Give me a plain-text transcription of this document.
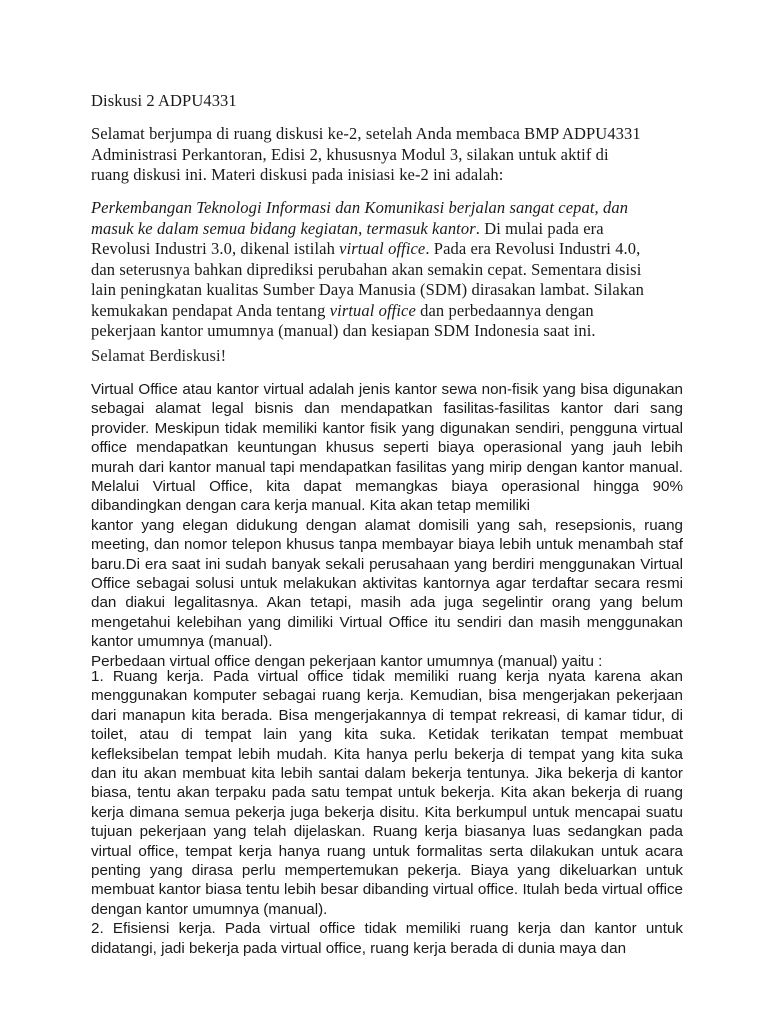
Diskusi 2 ADPU4331
Selamat berjumpa di ruang diskusi ke-2, setelah Anda membaca BMP ADPU4331
Administrasi Perkantoran, Edisi 2, khususnya Modul 3, silakan untuk aktif di
ruang diskusi ini. Materi diskusi pada inisiasi ke-2 ini adalah:
Perkembangan Teknologi Informasi dan Komunikasi berjalan sangat cepat, dan
masuk ke dalam semua bidang kegiatan, termasuk kantor. Di mulai pada era
Revolusi Industri 3.0, dikenal istilah virtual office. Pada era Revolusi Industri 4.0,
dan seterusnya bahkan diprediksi perubahan akan semakin cepat. Sementara disisi
lain peningkatan kualitas Sumber Daya Manusia (SDM) dirasakan lambat. Silakan
kemukakan pendapat Anda tentang virtual office dan perbedaannya dengan
pekerjaan kantor umumnya (manual) dan kesiapan SDM Indonesia saat ini.
Selamat Berdiskusi!

Virtual Office atau kantor virtual adalah jenis kantor sewa non-fisik yang bisa digunakan sebagai alamat legal bisnis dan mendapatkan fasilitas-fasilitas kantor dari sang provider. Meskipun tidak memiliki kantor fisik yang digunakan sendiri, pengguna virtual office mendapatkan keuntungan khusus seperti biaya operasional yang jauh lebih murah dari kantor manual tapi mendapatkan fasilitas yang mirip dengan kantor manual. Melalui Virtual Office, kita dapat memangkas biaya operasional hingga 90% dibandingkan dengan cara kerja manual. Kita akan tetap memiliki

kantor yang elegan didukung dengan alamat domisili yang sah, resepsionis, ruang meeting, dan nomor telepon khusus tanpa membayar biaya lebih untuk menambah staf baru.Di era saat ini sudah banyak sekali perusahaan yang berdiri menggunakan Virtual Office sebagai solusi untuk melakukan aktivitas kantornya agar terdaftar secara resmi dan diakui legalitasnya. Akan tetapi, masih ada juga segelintir orang yang belum mengetahui kelebihan yang dimiliki Virtual Office itu sendiri dan masih menggunakan kantor umumnya (manual).

Perbedaan virtual office dengan pekerjaan kantor umumnya (manual) yaitu :

1. Ruang kerja. Pada virtual office tidak memiliki ruang kerja nyata karena akan menggunakan komputer sebagai ruang kerja. Kemudian, bisa mengerjakan pekerjaan dari manapun kita berada. Bisa mengerjakannya di tempat rekreasi, di kamar tidur, di toilet, atau di tempat lain yang kita suka. Ketidak terikatan tempat membuat kefleksibelan tempat lebih mudah. Kita hanya perlu bekerja di tempat yang kita suka dan itu akan membuat kita lebih santai dalam bekerja tentunya. Jika bekerja di kantor biasa, tentu akan terpaku pada satu tempat untuk bekerja. Kita akan bekerja di ruang kerja dimana semua pekerja juga bekerja disitu. Kita berkumpul untuk mencapai suatu tujuan pekerjaan yang telah dijelaskan. Ruang kerja biasanya luas sedangkan pada virtual office, tempat kerja hanya ruang untuk formalitas serta dilakukan untuk acara penting yang dirasa perlu mempertemukan pekerja. Biaya yang dikeluarkan untuk membuat kantor biasa tentu lebih besar dibanding virtual office. Itulah beda virtual office dengan kantor umumnya (manual).

2. Efisiensi kerja. Pada virtual office tidak memiliki ruang kerja dan kantor untuk didatangi, jadi bekerja pada virtual office, ruang kerja berada di dunia maya dan
